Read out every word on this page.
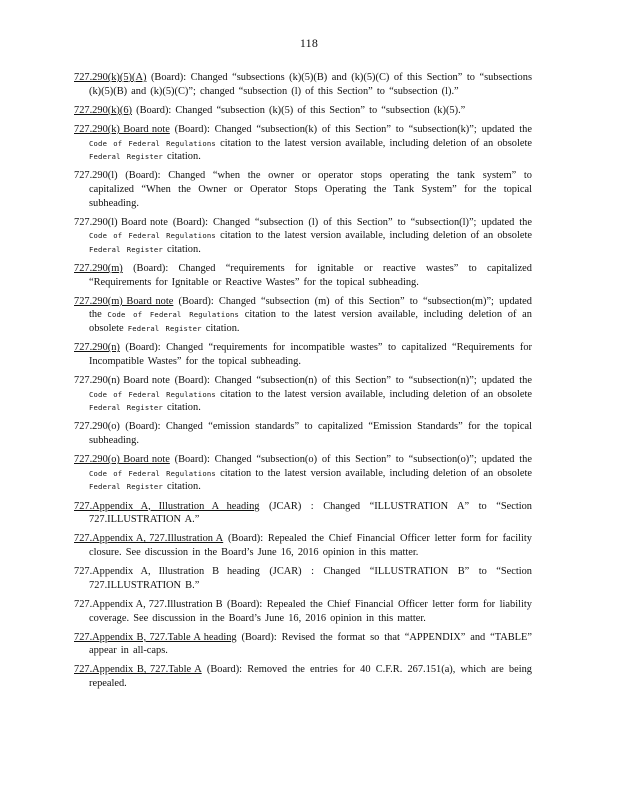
118
727.290(k)(5)(A) (Board): Changed “subsections (k)(5)(B) and (k)(5)(C) of this Section” to “subsections (k)(5)(B) and (k)(5)(C)”; changed “subsection (l) of this Section” to “subsection (l).”
727.290(k)(6) (Board): Changed “subsection (k)(5) of this Section” to “subsection (k)(5).”
727.290(k) Board note (Board): Changed “subsection(k) of this Section” to “subsection(k)”; updated the Code of Federal Regulations citation to the latest version available, including deletion of an obsolete Federal Register citation.
727.290(l) (Board): Changed “when the owner or operator stops operating the tank system” to capitalized “When the Owner or Operator Stops Operating the Tank System” for the topical subheading.
727.290(l) Board note (Board): Changed “subsection (l) of this Section” to “subsection(l)”; updated the Code of Federal Regulations citation to the latest version available, including deletion of an obsolete Federal Register citation.
727.290(m) (Board): Changed “requirements for ignitable or reactive wastes” to capitalized “Requirements for Ignitable or Reactive Wastes” for the topical subheading.
727.290(m) Board note (Board): Changed “subsection (m) of this Section” to “subsection(m)”; updated the Code of Federal Regulations citation to the latest version available, including deletion of an obsolete Federal Register citation.
727.290(n) (Board): Changed “requirements for incompatible wastes” to capitalized “Requirements for Incompatible Wastes” for the topical subheading.
727.290(n) Board note (Board): Changed “subsection(n) of this Section” to “subsection(n)”; updated the Code of Federal Regulations citation to the latest version available, including deletion of an obsolete Federal Register citation.
727.290(o) (Board): Changed “emission standards” to capitalized “Emission Standards” for the topical subheading.
727.290(o) Board note (Board): Changed “subsection(o) of this Section” to “subsection(o)”; updated the Code of Federal Regulations citation to the latest version available, including deletion of an obsolete Federal Register citation.
727.Appendix A, Illustration A heading (JCAR) : Changed “ILLUSTRATION A” to “Section 727.ILLUSTRATION A.”
727.Appendix A, 727.Illustration A (Board): Repealed the Chief Financial Officer letter form for facility closure. See discussion in the Board’s June 16, 2016 opinion in this matter.
727.Appendix A, Illustration B heading (JCAR) : Changed “ILLUSTRATION B” to “Section 727.ILLUSTRATION B.”
727.Appendix A, 727.Illustration B (Board): Repealed the Chief Financial Officer letter form for liability coverage. See discussion in the Board’s June 16, 2016 opinion in this matter.
727.Appendix B, 727.Table A heading (Board): Revised the format so that “APPENDIX” and “TABLE” appear in all-caps.
727.Appendix B, 727.Table A (Board): Removed the entries for 40 C.F.R. 267.151(a), which are being repealed.
